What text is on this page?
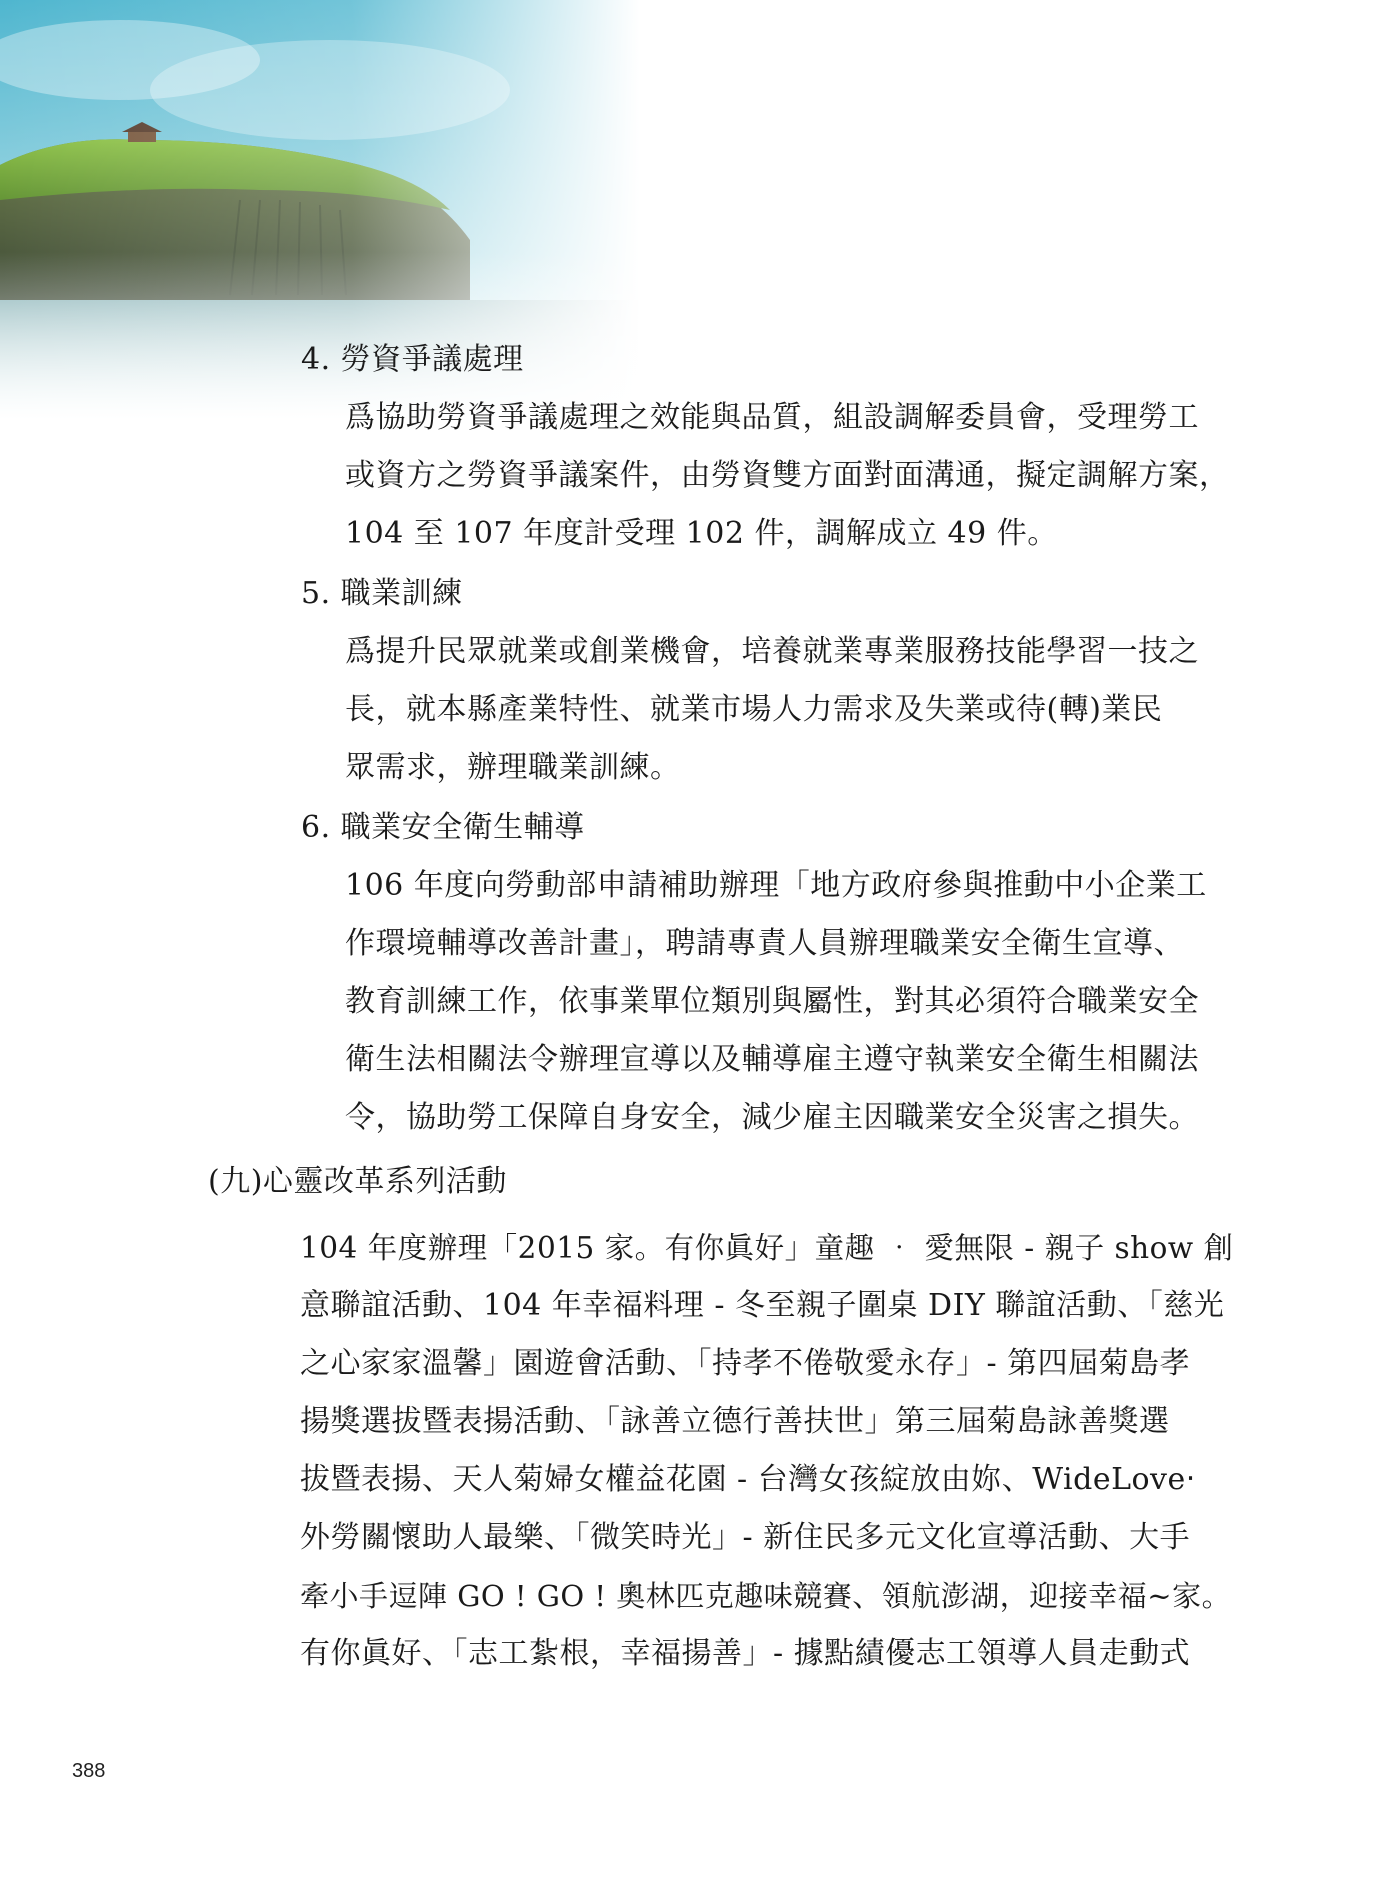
4. 勞資爭議處理
爲協助勞資爭議處理之效能與品質，組設調解委員會，受理勞工
或資方之勞資爭議案件，由勞資雙方面對面溝通，擬定調解方案，
104 至 107 年度計受理 102 件，調解成立 49 件。
5. 職業訓練
爲提升民眾就業或創業機會，培養就業專業服務技能學習一技之
長，就本縣產業特性、就業市場人力需求及失業或待(轉)業民
眾需求，辦理職業訓練。
6. 職業安全衛生輔導
106 年度向勞動部申請補助辦理「地方政府參與推動中小企業工
作環境輔導改善計畫」，聘請專責人員辦理職業安全衛生宣導、
教育訓練工作，依事業單位類別與屬性，對其必須符合職業安全
衛生法相關法令辦理宣導以及輔導雇主遵守執業安全衛生相關法
令，協助勞工保障自身安全，減少雇主因職業安全災害之損失。
(九)心靈改革系列活動
104 年度辦理「2015 家。有你眞好」童趣 ‧ 愛無限 - 親子 show 創
意聯誼活動、104 年幸福料理 - 冬至親子圍桌 DIY 聯誼活動、「慈光
之心家家溫馨」園遊會活動、「持孝不倦敬愛永存」- 第四屆菊島孝
揚獎選拔暨表揚活動、「詠善立德行善扶世」第三屆菊島詠善獎選
拔暨表揚、天人菊婦女權益花園 - 台灣女孩綻放由妳、WideLove‧
外勞關懷助人最樂、「微笑時光」- 新住民多元文化宣導活動、大手
牽小手逗陣 GO ! GO ! 奧林匹克趣味競賽、領航澎湖，迎接幸福~家。
有你眞好、「志工紮根，幸福揚善」- 據點績優志工領導人員走動式
388
